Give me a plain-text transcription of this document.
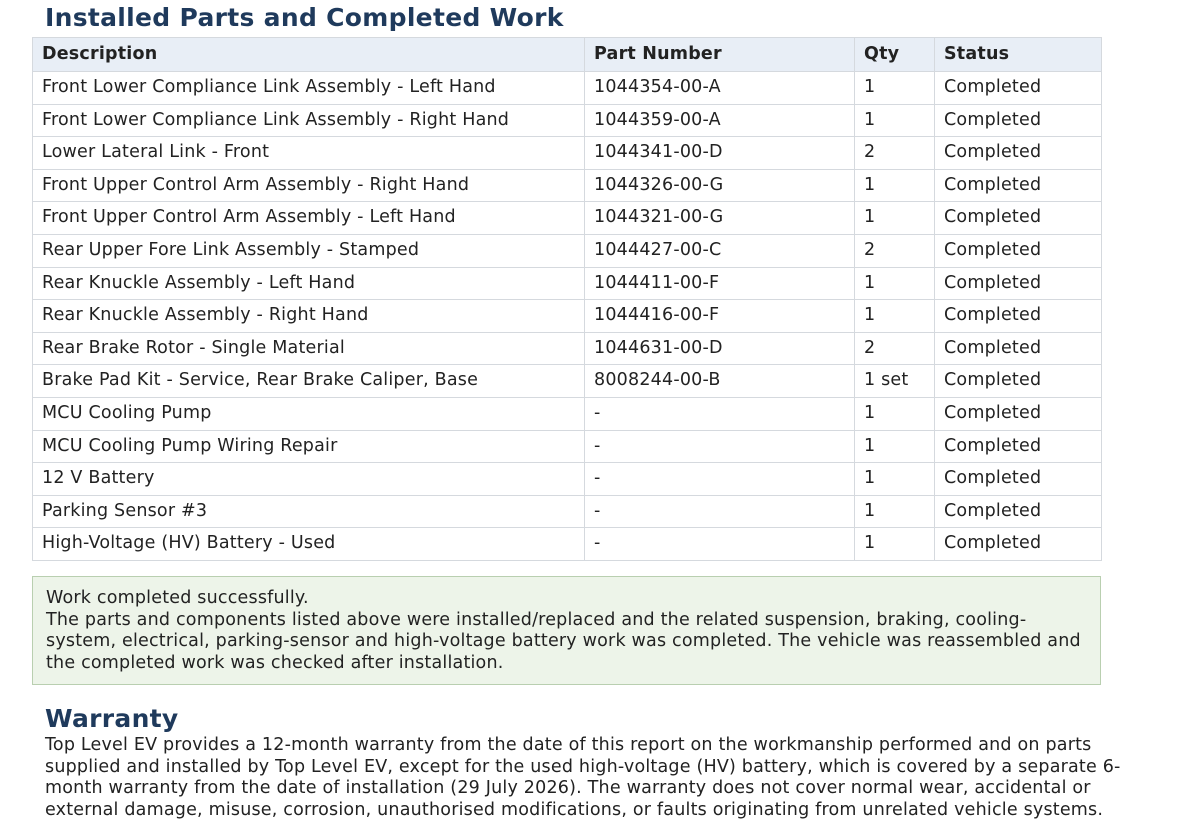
Installed Parts and Completed Work
Description	Part Number	Qty	Status
Front Lower Compliance Link Assembly - Left Hand	1044354-00-A	1	Completed
Front Lower Compliance Link Assembly - Right Hand	1044359-00-A	1	Completed
Lower Lateral Link - Front	1044341-00-D	2	Completed
Front Upper Control Arm Assembly - Right Hand	1044326-00-G	1	Completed
Front Upper Control Arm Assembly - Left Hand	1044321-00-G	1	Completed
Rear Upper Fore Link Assembly - Stamped	1044427-00-C	2	Completed
Rear Knuckle Assembly - Left Hand	1044411-00-F	1	Completed
Rear Knuckle Assembly - Right Hand	1044416-00-F	1	Completed
Rear Brake Rotor - Single Material	1044631-00-D	2	Completed
Brake Pad Kit - Service, Rear Brake Caliper, Base	8008244-00-B	1 set	Completed
MCU Cooling Pump	-	1	Completed
MCU Cooling Pump Wiring Repair	-	1	Completed
12 V Battery	-	1	Completed
Parking Sensor #3	-	1	Completed
High-Voltage (HV) Battery - Used	-	1	Completed

Work completed successfully.

The parts and components listed above were installed/replaced and the related suspension, braking, cooling-system, electrical, parking-sensor and high-voltage battery work was completed. The vehicle was reassembled and the completed work was checked after installation.

Warranty

Top Level EV provides a 12-month warranty from the date of this report on the workmanship performed and on parts supplied and installed by Top Level EV, except for the used high-voltage (HV) battery, which is covered by a separate 6-month warranty from the date of installation (29 July 2026). The warranty does not cover normal wear, accidental or external damage, misuse, corrosion, unauthorised modifications, or faults originating from unrelated vehicle systems.
